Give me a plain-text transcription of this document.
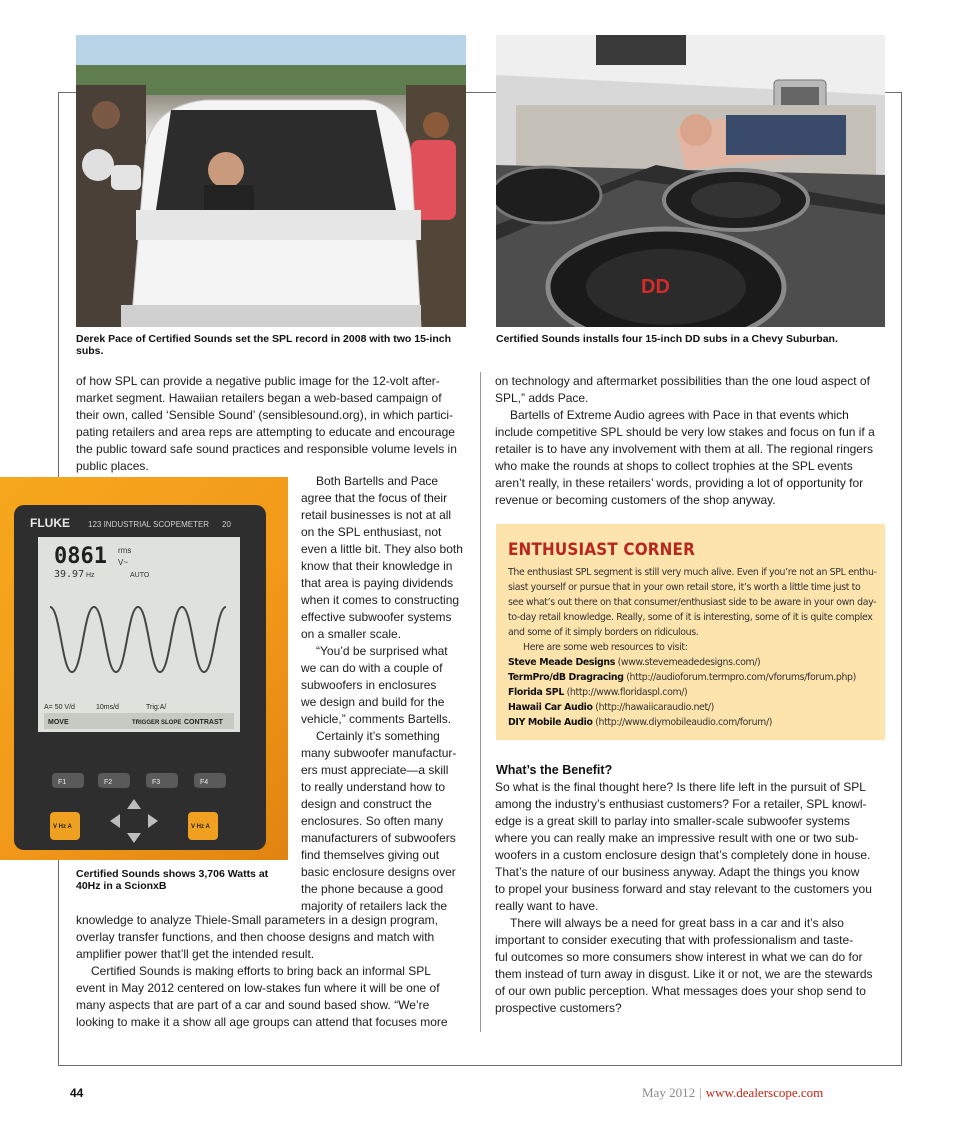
Derek Pace of Certified Sounds set the SPL record in 2008 with two 15-inch
subs.
DD
Certified Sounds installs four 15-inch DD subs in a Chevy Suburban.
FLUKE 123 INDUSTRIAL SCOPEMETER 20
0861 rms
V~
39.97 Hz	AUTO
A= 50 V/d	10ms/d	Trig:A/
MOVE	TRIGGER SLOPE CONTRAST
F1	F2	F3	F4
V Hz A	V Hz A
Certified Sounds shows 3,706 Watts at
40Hz in a ScionxB
of how SPL can provide a negative public image for the 12-volt after-
market segment. Hawaiian retailers began a web-based campaign of
their own, called ‘Sensible Sound’ (sensiblesound.org), in which partici-
pating retailers and area reps are attempting to educate and encourage
the public toward safe sound practices and responsible volume levels in
public places.
Both Bartells and Pace
agree that the focus of their
retail businesses is not at all
on the SPL enthusiast, not
even a little bit. They also both
know that their knowledge in
that area is paying dividends
when it comes to constructing
effective subwoofer systems
on a smaller scale.
“You’d be surprised what
we can do with a couple of
subwoofers in enclosures
we design and build for the
vehicle,” comments Bartells.
Certainly it’s something
many subwoofer manufactur-
ers must appreciate—a skill
to really understand how to
design and construct the
enclosures. So often many
manufacturers of subwoofers
find themselves giving out
basic enclosure designs over
the phone because a good
majority of retailers lack the
knowledge to analyze Thiele-Small parameters in a design program,
overlay transfer functions, and then choose designs and match with
amplifier power that’ll get the intended result.
Certified Sounds is making efforts to bring back an informal SPL
event in May 2012 centered on low-stakes fun where it will be one of
many aspects that are part of a car and sound based show. “We’re
looking to make it a show all age groups can attend that focuses more
on technology and aftermarket possibilities than the one loud aspect of
SPL,” adds Pace.
Bartells of Extreme Audio agrees with Pace in that events which
include competitive SPL should be very low stakes and focus on fun if a
retailer is to have any involvement with them at all. The regional ringers
who make the rounds at shops to collect trophies at the SPL events
aren’t really, in these retailers’ words, providing a lot of opportunity for
revenue or becoming customers of the shop anyway.
ENTHUSIAST CORNER
The enthusiast SPL segment is still very much alive. Even if you’re not an SPL enthu-
siast yourself or pursue that in your own retail store, it’s worth a little time just to
see what’s out there on that consumer/enthusiast side to be aware in your own day-
to-day retail knowledge. Really, some of it is interesting, some of it is quite complex
and some of it simply borders on ridiculous.
Here are some web resources to visit:
Steve Meade Designs (www.stevemeadedesigns.com/)
TermPro/dB Dragracing (http://audioforum.termpro.com/vforums/forum.php)
Florida SPL (http://www.floridaspl.com/)
Hawaii Car Audio (http://hawaiicaraudio.net/)
DIY Mobile Audio (http://www.diymobileaudio.com/forum/)
What’s the Benefit?
So what is the final thought here? Is there life left in the pursuit of SPL
among the industry’s enthusiast customers? For a retailer, SPL knowl-
edge is a great skill to parlay into smaller-scale subwoofer systems
where you can really make an impressive result with one or two sub-
woofers in a custom enclosure design that’s completely done in house.
That’s the nature of our business anyway. Adapt the things you know
to propel your business forward and stay relevant to the customers you
really want to have.
There will always be a need for great bass in a car and it’s also
important to consider executing that with professionalism and taste-
ful outcomes so more consumers show interest in what we can do for
them instead of turn away in disgust. Like it or not, we are the stewards
of our own public perception. What messages does your shop send to
prospective customers?
44	May 2012 | www.dealerscope.com
